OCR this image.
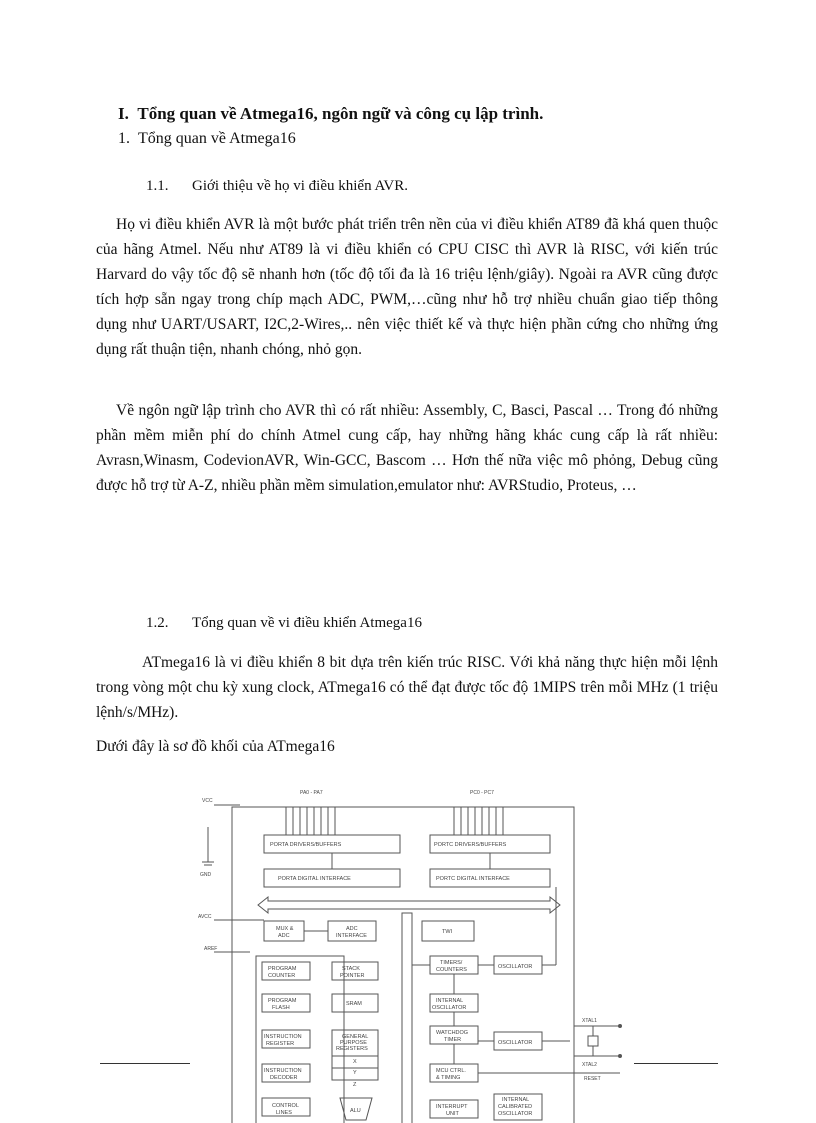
I.  Tổng quan về Atmega16, ngôn ngữ và công cụ lập trình.
1.  Tổng quan về Atmega16
1.1. Giới thiệu về họ vi điều khiển AVR.

Họ vi điều khiển AVR là một bước phát triển trên nền của vi điều khiển AT89 đã khá quen thuộc của hãng Atmel. Nếu như AT89 là vi điều khiển có CPU CISC thì AVR là RISC, với kiến trúc Harvard do vậy tốc độ sẽ nhanh hơn (tốc độ tối đa là 16 triệu lệnh/giây). Ngoài ra AVR cũng được tích hợp sẵn ngay trong chíp mạch ADC, PWM,…cũng như hỗ trợ nhiều chuẩn giao tiếp thông dụng như UART/USART, I2C,2-Wires,.. nên việc thiết kế và thực hiện phần cứng cho những ứng dụng rất thuận tiện, nhanh chóng, nhỏ gọn.

Về ngôn ngữ lập trình cho AVR thì có rất nhiều: Assembly, C, Basci, Pascal … Trong đó những phần mềm miễn phí do chính Atmel cung cấp, hay những hãng khác cung cấp là rất nhiều: Avrasn,Winasm, CodevionAVR, Win-GCC, Bascom … Hơn thế nữa việc mô phỏng, Debug cũng được hỗ trợ từ A-Z, nhiều phần mềm simulation,emulator như: AVRStudio, Proteus, …

1.2. Tổng quan về vi điều khiển Atmega16

ATmega16 là vi điều khiển 8 bit dựa trên kiến trúc RISC. Với khả năng thực hiện mỗi lệnh trong vòng một chu kỳ xung clock, ATmega16 có thể đạt được tốc độ 1MIPS trên mỗi MHz (1 triệu lệnh/s/MHz).

Dưới đây là sơ đồ khối của ATmega16
VCC
GND
AVCC
AREF
PA0 - PA7	PC0 - PC7
XTAL1
XTAL2
RESET
PORTA DRIVERS/BUFFERS	PORTC DRIVERS/BUFFERS
PORTA DIGITAL INTERFACE	PORTC DIGITAL INTERFACE
MUX &
ADC
ADC
INTERFACE
TWI
PROGRAM
COUNTER
STACK
POINTER
TIMERS/
COUNTERS	OSCILLATOR
PROGRAM
FLASH
SRAM	INTERNAL
OSCILLATOR
INSTRUCTION
REGISTER
GENERAL
PURPOSE
REGISTERS
X
Y
Z
WATCHDOG
TIMER	OSCILLATOR
INSTRUCTION
DECODER
MCU CTRL.
& TIMING
CONTROL
LINES	ALU
INTERRUPT
UNIT
INTERNAL
CALIBRATED
OSCILLATOR
